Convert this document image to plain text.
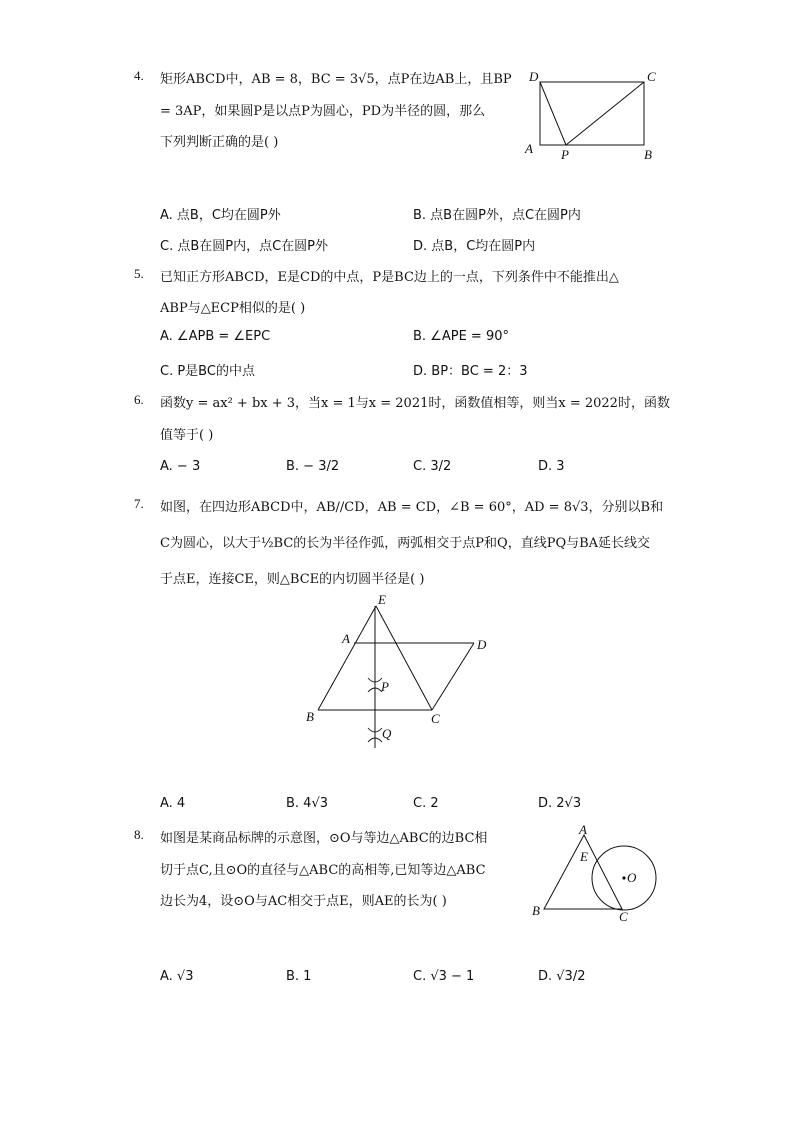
4. 矩形ABCD中，AB = 8，BC = 3√5，点P在边AB上，且BP
= 3AP，如果圆P是以点P为圆心，PD为半径的圆，那么
下列判断正确的是( )
D	C
A P	B
A. 点B，C均在圆P外	B. 点B在圆P外，点C在圆P内
C. 点B在圆P内，点C在圆P外	D. 点B，C均在圆P内
5. 已知正方形ABCD，E是CD的中点，P是BC边上的一点，下列条件中不能推出△
ABP与△ECP相似的是( )
A. ∠APB = ∠EPC	B. ∠APE = 90°
C. P是BC的中点	D. BP：BC = 2：3
6. 函数y = ax² + bx + 3，当x = 1与x = 2021时，函数值相等，则当x = 2022时，函数
值等于( )
A. − 3	B. − 3/2	C. 3/2	D. 3
7. 如图，在四边形ABCD中，AB//CD，AB = CD，∠B = 60°，AD = 8√3，分别以B和
C为圆心，以大于½BC的长为半径作弧，两弧相交于点P和Q，直线PQ与BA延长线交
于点E，连接CE，则△BCE的内切圆半径是( )
E
A	D
P
B	C
Q
A. 4	B. 4√3	C. 2	D. 2√3
8. 如图是某商品标牌的示意图，⊙O与等边△ABC的边BC相
切于点C,且⊙O的直径与△ABC的高相等,已知等边△ABC
边长为4，设⊙O与AC相交于点E，则AE的长为( )
A
E
O
B	C
A. √3	B. 1	C. √3 − 1	D. √3/2
